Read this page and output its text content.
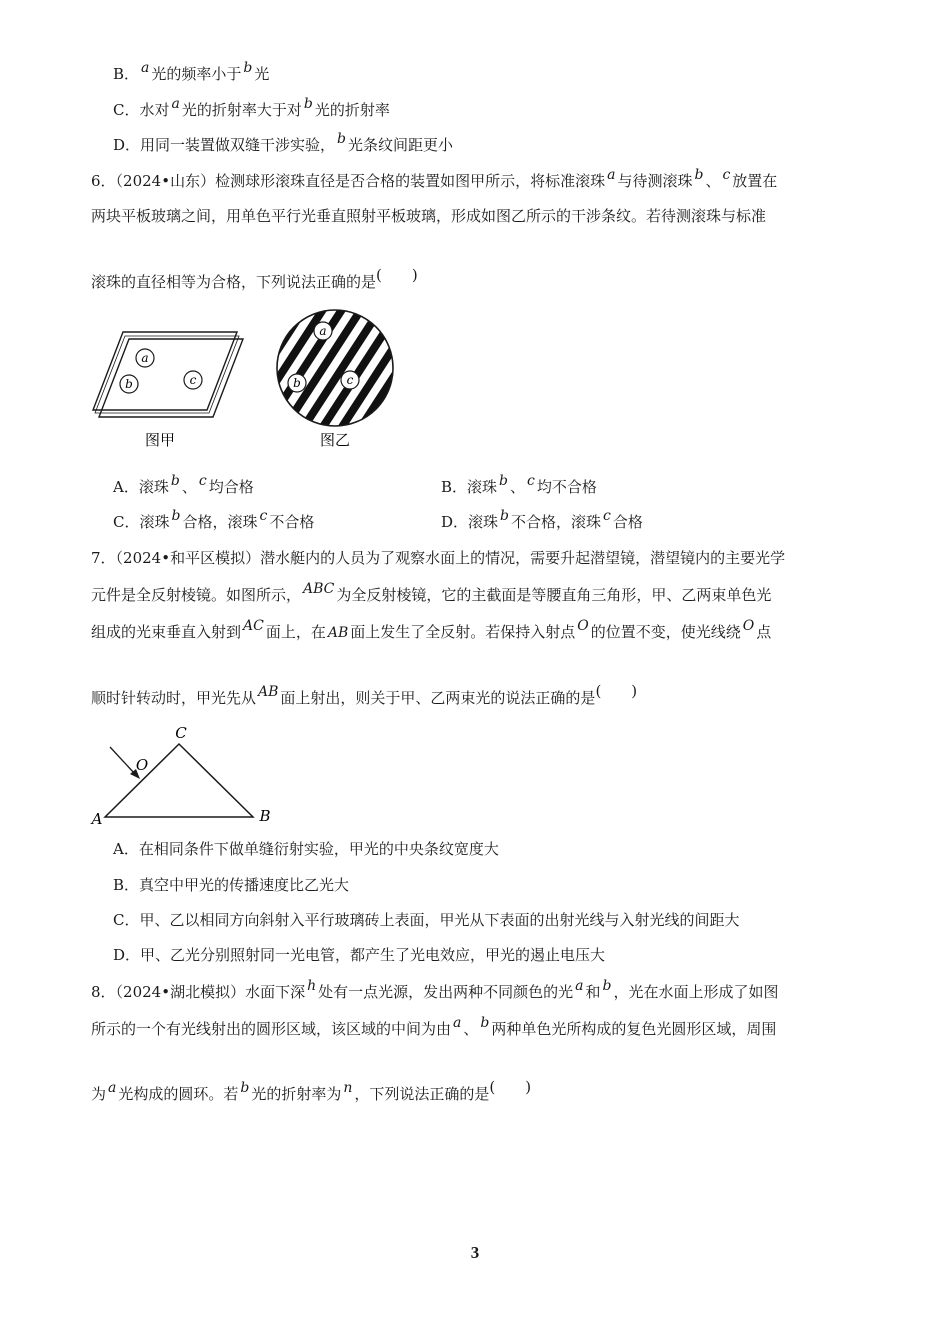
B． a 光的频率小于 b 光
C．水对 a 光的折射率大于对 b 光的折射率
D．用同一装置做双缝干涉实验， b 光条纹间距更小
6．（2024•山东）检测球形滚珠直径是否合格的装置如图甲所示，将标准滚珠 a 与待测滚珠 b 、 c 放置在
两块平板玻璃之间，用单色平行光垂直照射平板玻璃，形成如图乙所示的干涉条纹。若待测滚珠与标准
滚珠的直径相等为合格，下列说法正确的是(　　)
a
b	c
图甲
a
b	c
图乙
A．滚珠 b 、 c 均合格	B．滚珠 b 、 c 均不合格
C．滚珠 b 合格，滚珠 c 不合格	D．滚珠 b 不合格，滚珠 c 合格
7．（2024•和平区模拟）潜水艇内的人员为了观察水面上的情况，需要升起潜望镜，潜望镜内的主要光学
元件是全反射棱镜。如图所示， ABC 为全反射棱镜，它的主截面是等腰直角三角形，甲、乙两束单色光
组成的光束垂直入射到 AC 面上，在 AB 面上发生了全反射。若保持入射点 O 的位置不变，使光线绕 O 点
顺时针转动时，甲光先从 AB 面上射出，则关于甲、乙两束光的说法正确的是(　　)
C
O
A	B
A．在相同条件下做单缝衍射实验，甲光的中央条纹宽度大
B．真空中甲光的传播速度比乙光大
C．甲、乙以相同方向斜射入平行玻璃砖上表面，甲光从下表面的出射光线与入射光线的间距大
D．甲、乙光分别照射同一光电管，都产生了光电效应，甲光的遏止电压大
8．（2024•湖北模拟）水面下深 h 处有一点光源，发出两种不同颜色的光 a 和 b ，光在水面上形成了如图
所示的一个有光线射出的圆形区域，该区域的中间为由 a 、 b 两种单色光所构成的复色光圆形区域，周围
为 a 光构成的圆环。若 b 光的折射率为 n ，下列说法正确的是(　　)
3
